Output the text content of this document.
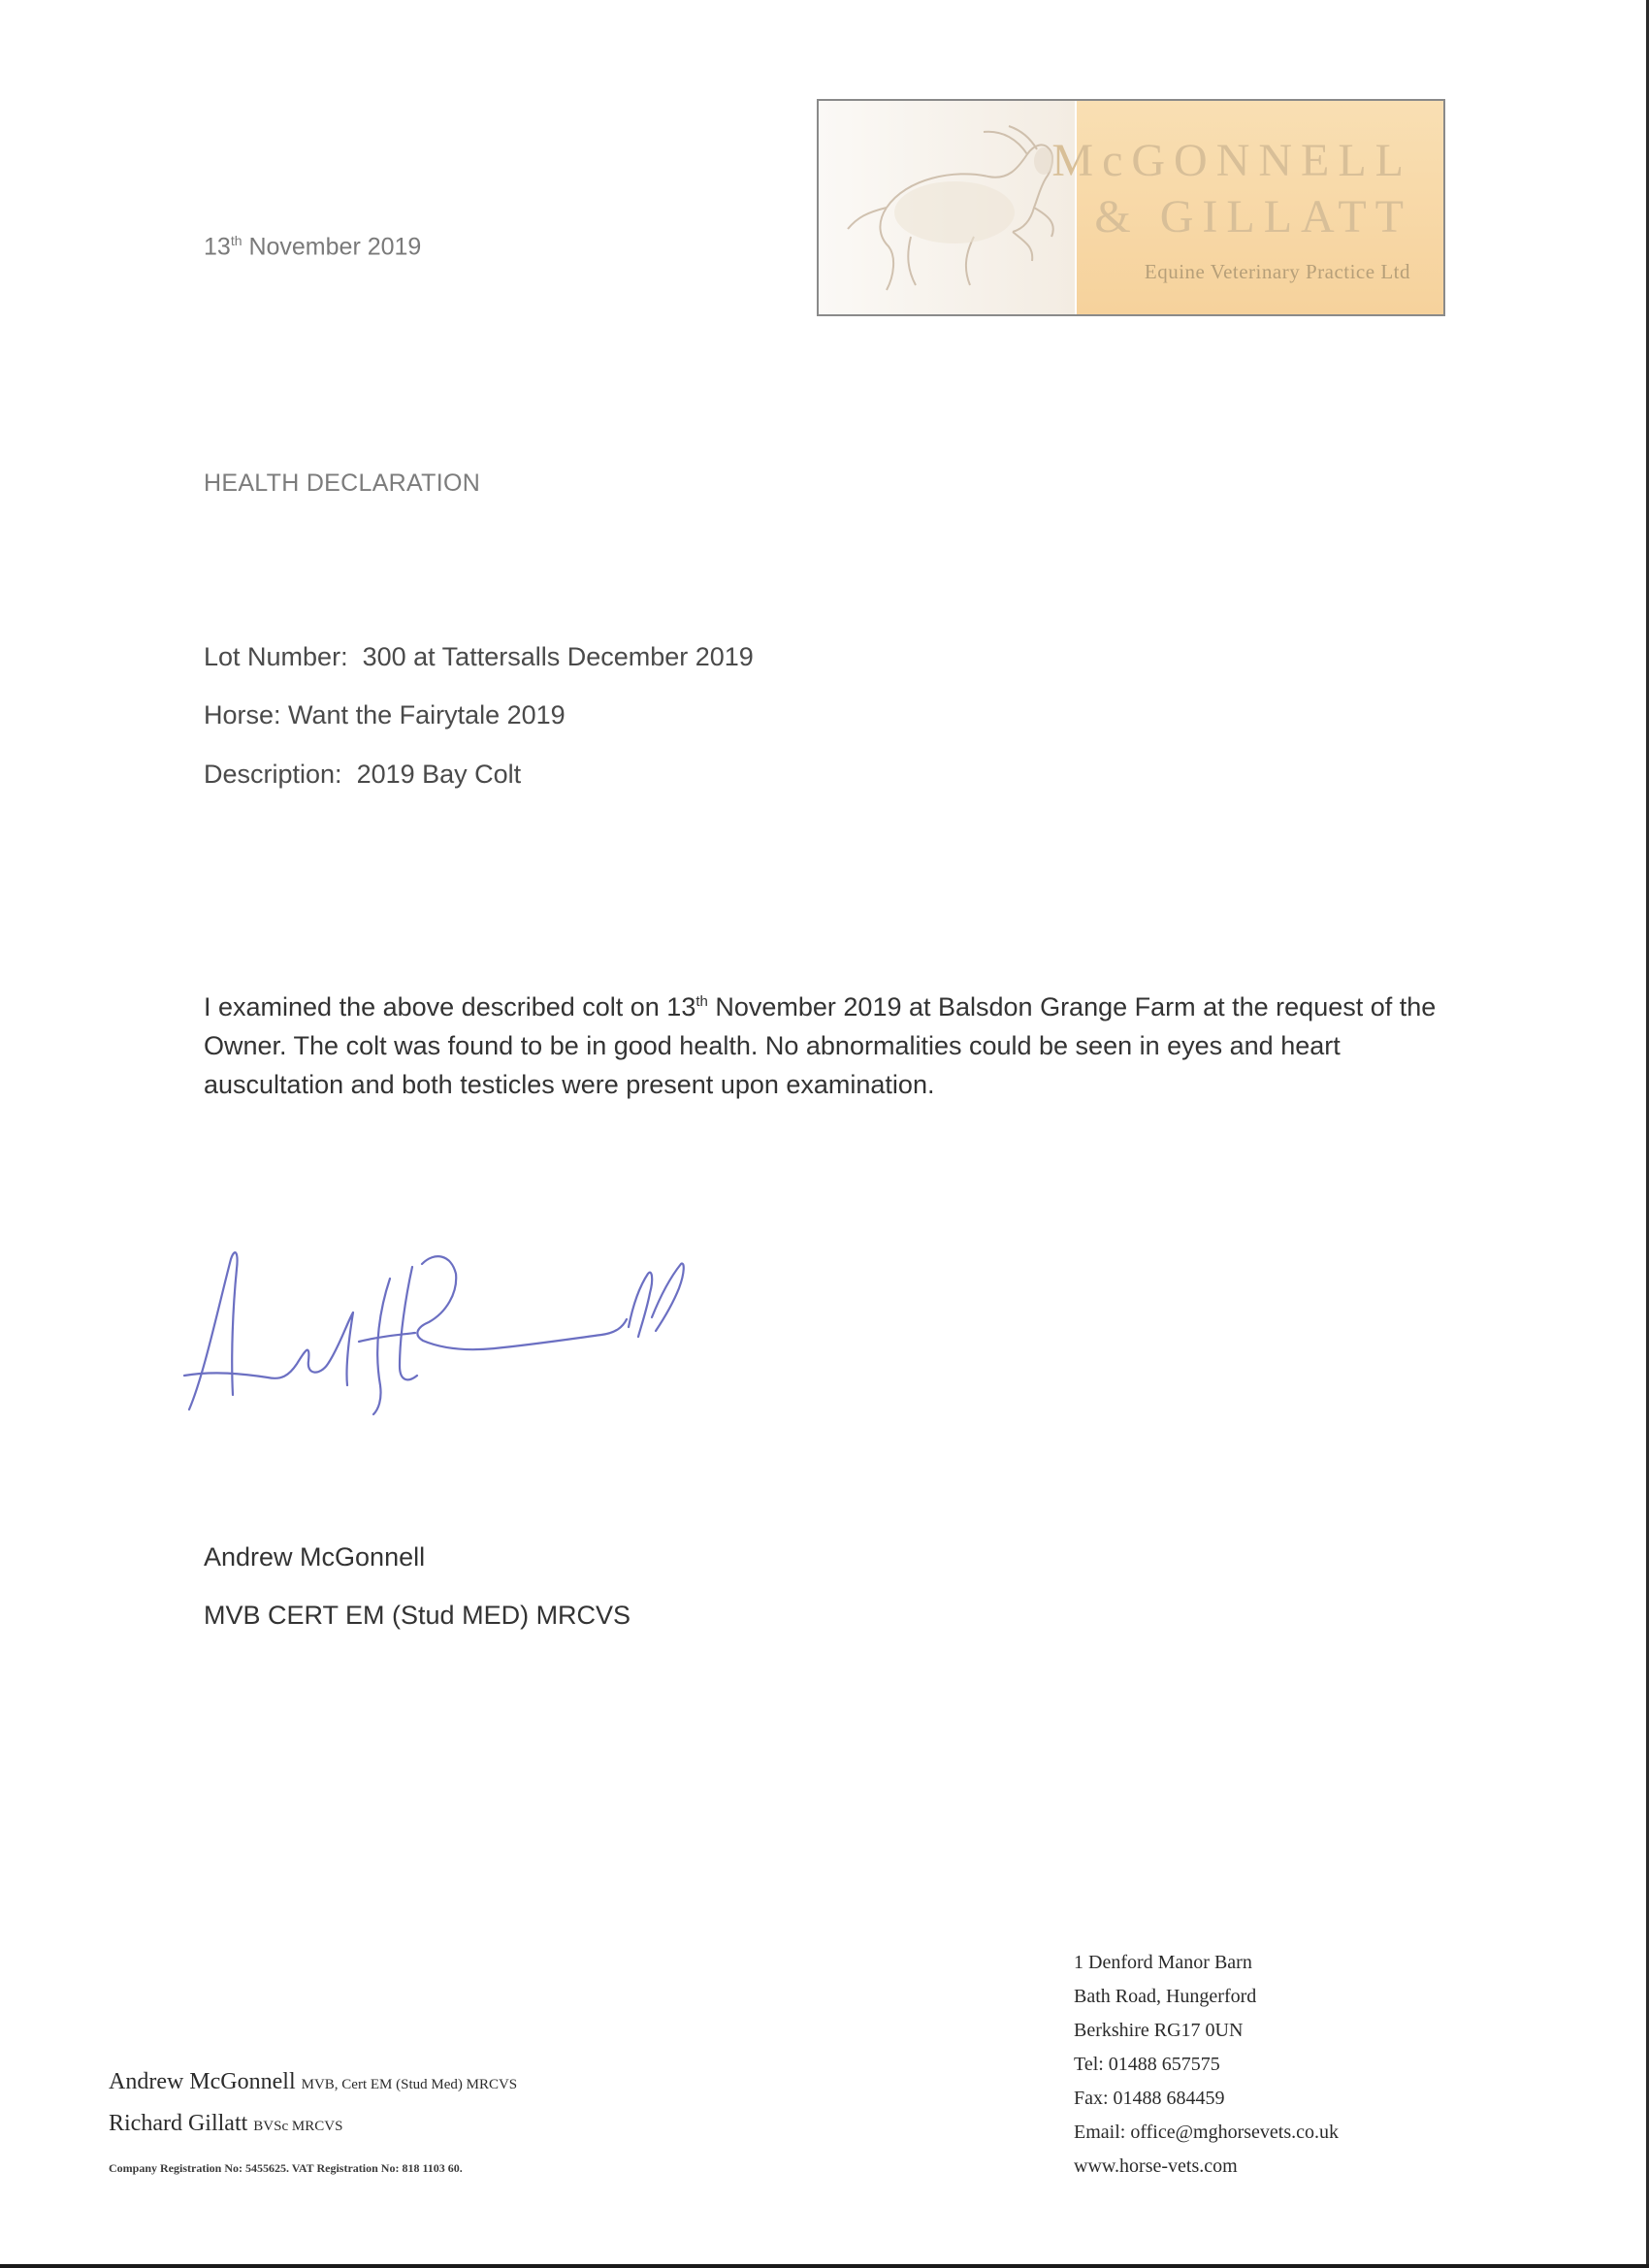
McGONNELL
& GILLATT
Equine Veterinary Practice Ltd
13th November 2019
HEALTH DECLARATION
Lot Number: 300 at Tattersalls December 2019
Horse: Want the Fairytale 2019
Description: 2019 Bay Colt

I examined the above described colt on 13th November 2019 at Balsdon Grange Farm at the request of the Owner. The colt was found to be in good health. No abnormalities could be seen in eyes and heart auscultation and both testicles were present upon examination.

Andrew McGonnell
MVB CERT EM (Stud MED) MRCVS
Andrew McGonnell MVB, Cert EM (Stud Med) MRCVS
Richard Gillatt BVSc MRCVS
Company Registration No: 5455625. VAT Registration No: 818 1103 60.
1 Denford Manor Barn
Bath Road, Hungerford
Berkshire RG17 0UN
Tel: 01488 657575
Fax: 01488 684459
Email: office@mghorsevets.co.uk
www.horse-vets.com
